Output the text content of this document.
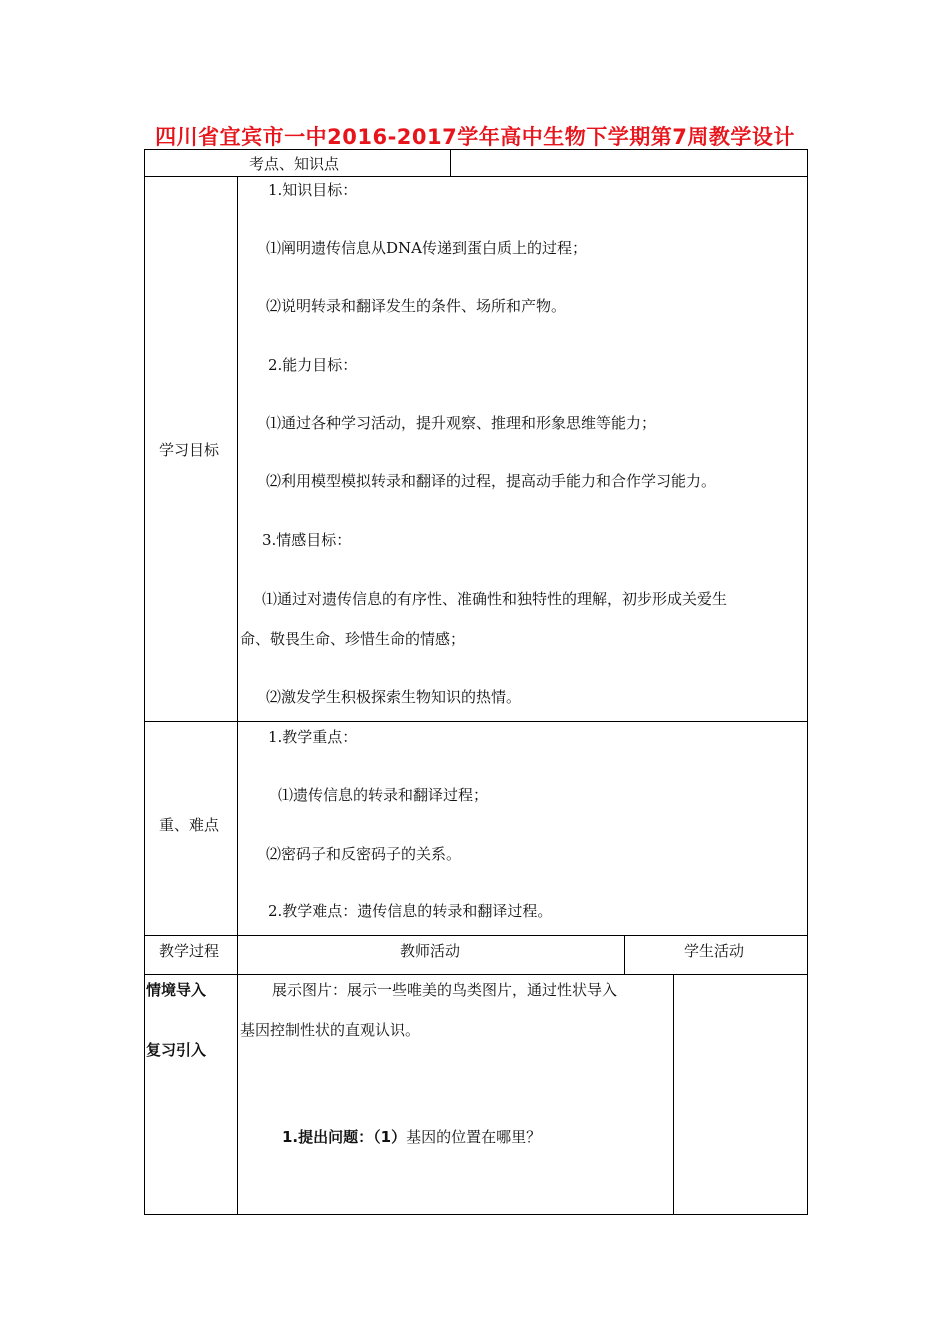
四川省宜宾市一中2016-2017学年高中生物下学期第7周教学设计
考点、知识点
学习目标
1.知识目标：
⑴阐明遗传信息从DNA传递到蛋白质上的过程；
⑵说明转录和翻译发生的条件、场所和产物。
2.能力目标：
⑴通过各种学习活动，提升观察、推理和形象思维等能力；
⑵利用模型模拟转录和翻译的过程，提高动手能力和合作学习能力。
3.情感目标：
⑴通过对遗传信息的有序性、准确性和独特性的理解，初步形成关爱生
命、敬畏生命、珍惜生命的情感；
⑵激发学生积极探索生物知识的热情。
重、难点
1.教学重点：
⑴遗传信息的转录和翻译过程；
⑵密码子和反密码子的关系。
2.教学难点：遗传信息的转录和翻译过程。
教学过程	教师活动	学生活动
情境导入
复习引入
展示图片：展示一些唯美的鸟类图片，通过性状导入
基因控制性状的直观认识。
1.提出问题：（1）基因的位置在哪里？
